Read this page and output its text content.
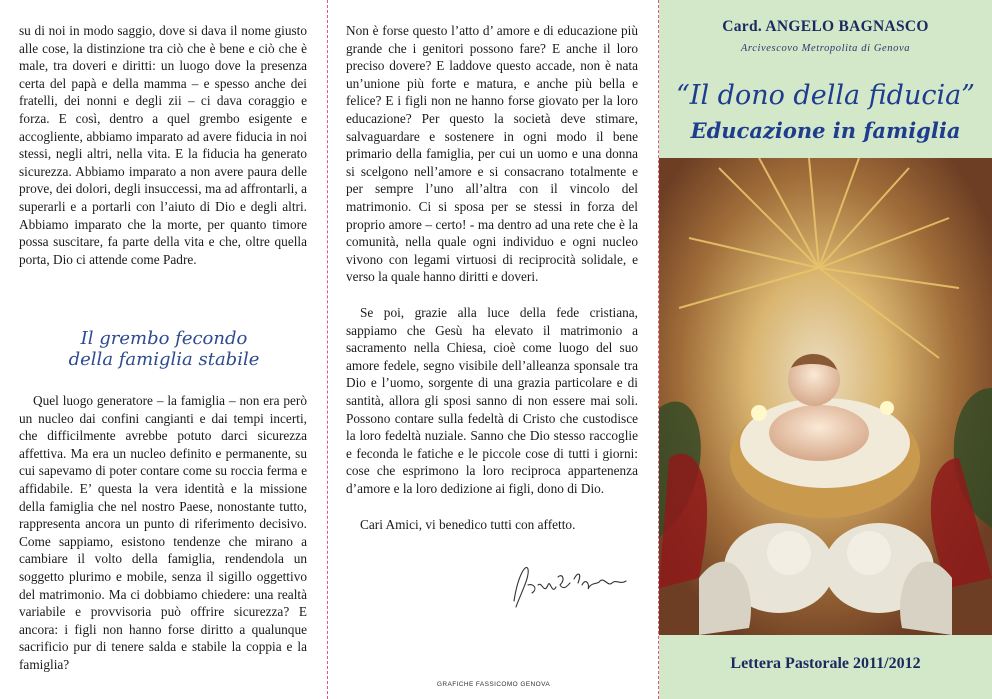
su di noi in modo saggio, dove si dava il nome giusto alle cose, la distinzione tra ciò che è bene e ciò che è male, tra doveri e diritti: un luogo dove la presenza certa del papà e della mamma – e spesso anche dei fratelli, dei nonni e degli zii – ci dava coraggio e forza. E così, dentro a quel grembo esigente e accogliente, abbiamo imparato ad avere fiducia in noi stessi, negli altri, nella vita. E la fiducia ha generato sicurezza. Abbiamo imparato a non avere paura delle prove, dei dolori, degli insuccessi, ma ad affrontarli, a superarli e a portarli con l’aiuto di Dio e degli altri. Abbiamo imparato che la morte, per quanto timore possa suscitare, fa parte della vita e che, oltre quella porta, Dio ci attende come Padre.

Il grembo fecondo
della famiglia stabile

Quel luogo generatore – la famiglia – non era però un nucleo dai confini cangianti e dai tempi incerti, che difficilmente avrebbe potuto darci sicurezza affettiva. Ma era un nucleo definito e permanente, su cui sapevamo di poter contare come su roccia ferma e affidabile. E’ questa la vera identità e la missione della famiglia che nel nostro Paese, nonostante tutto, rappresenta ancora un punto di riferimento decisivo. Come sappiamo, esistono tendenze che mirano a cambiare il volto della famiglia, rendendola un soggetto plurimo e mobile, senza il sigillo oggettivo del matrimonio. Ma ci dobbiamo chiedere: una realtà variabile e provvisoria può offrire sicurezza? E ancora: i figli non hanno forse diritto a qualunque sacrificio pur di tenere salda e stabile la coppia e la famiglia?

Non è forse questo l’atto d’ amore e di educazione più grande che i genitori possono fare? E anche il loro preciso dovere? E laddove questo accade, non è nata un’unione più forte e matura, e anche più bella e felice? E i figli non ne hanno forse giovato per la loro educazione? Per questo la società deve stimare, salvaguardare e sostenere in ogni modo il bene primario della famiglia, per cui un uomo e una donna si scelgono nell’amore e si consacrano totalmente e per sempre l’uno all’altra con il vincolo del matrimonio. Ci si sposa per se stessi in forza del proprio amore – certo! - ma dentro ad una rete che è la comunità, nella quale ogni individuo e ogni nucleo vivono con legami virtuosi di reciprocità solidale, e verso la quale hanno diritti e doveri.

Se poi, grazie alla luce della fede cristiana, sappiamo che Gesù ha elevato il matrimonio a sacramento nella Chiesa, cioè come luogo del suo amore fedele, segno visibile dell’alleanza sponsale tra Dio e l’uomo, sorgente di una grazia particolare e di santità, allora gli sposi sanno di non essere mai soli. Possono contare sulla fedeltà di Cristo che custodisce la loro fedeltà nuziale. Sanno che Dio stesso raccoglie e feconda le fatiche e le piccole cose di tutti i giorni: cose che esprimono la loro reciproca appartenenza d’amore e la loro dedizione ai figli, dono di Dio.

Cari Amici, vi benedico tutti con affetto.

GRAFICHE FASSICOMO GENOVA
Card. ANGELO BAGNASCO
Arcivescovo Metropolita di Genova
“Il dono della fiducia”
Educazione in famiglia
Lettera Pastorale 2011/2012
